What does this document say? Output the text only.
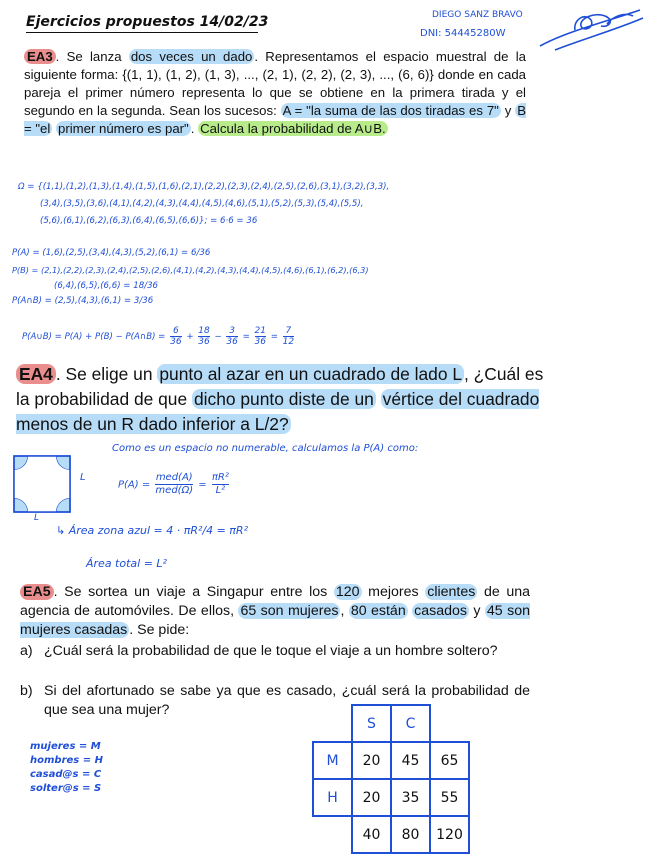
Ejercicios propuestos 14/02/23	DIEGO SANZ BRAVO
DNI: 54445280W
EA3 . Se lanza dos veces un dado . Representamos el espacio muestral de la siguiente forma: {(1, 1), (1, 2), (1, 3), ..., (2, 1), (2, 2), (2, 3), ..., (6, 6)} donde en cada pareja el primer número representa lo que se obtiene en la primera tirada y el segundo en la segunda. Sean los sucesos: A = "la suma de las dos tiradas es 7" y B = "el primer número es par" . Calcula la probabilidad de A∪B.
Ω = {(1,1),(1,2),(1,3),(1,4),(1,5),(1,6),(2,1),(2,2),(2,3),(2,4),(2,5),(2,6),(3,1),(3,2),(3,3),
(3,4),(3,5),(3,6),(4,1),(4,2),(4,3),(4,4),(4,5),(4,6),(5,1),(5,2),(5,3),(5,4),(5,5),
(5,6),(6,1),(6,2),(6,3),(6,4),(6,5),(6,6)}; = 6·6 = 36
P(A) = (1,6),(2,5),(3,4),(4,3),(5,2),(6,1) = 6/36
P(B) = (2,1),(2,2),(2,3),(2,4),(2,5),(2,6),(4,1),(4,2),(4,3),(4,4),(4,5),(4,6),(6,1),(6,2),(6,3)
(6,4),(6,5),(6,6) = 18/36
P(A∩B) = (2,5),(4,3),(6,1) = 3/36
P(A∪B) = P(A) + P(B) − P(A∩B) = $\frac{6}{36} + \frac{18}{36} - \frac{3}{36} = \frac{21}{36} = \frac{7}{12}$
EA4 . Se elige un punto al azar en un cuadrado de lado L , ¿Cuál es la probabilidad de que dicho punto diste de un vértice del cuadrado menos de un R dado inferior a L/2?
Como es un espacio no numerable, calculamos la P(A) como:
L
L
$P(A) = \frac{\text{med(A)}}{\text{med(Ω)}} = \frac{\text{πR²}}{\text{L²}}$
↳ Área zona azul = 4 · πR²/4 = πR²
Área total = L²
EA5 . Se sortea un viaje a Singapur entre los 120 mejores clientes de una agencia de automóviles. De ellos, 65 son mujeres , 80 están casados y 45 son mujeres casadas . Se pide:
a) ¿Cuál será la probabilidad de que le toque el viaje a un hombre soltero?
b) Si del afortunado se sabe ya que es casado, ¿cuál será la probabilidad de que sea una mujer?
mujeres = M
hombres = H
casad@s = C
solter@s = S
	S	C	
M	20	45	65
H	20	35	55
	40	80	120
